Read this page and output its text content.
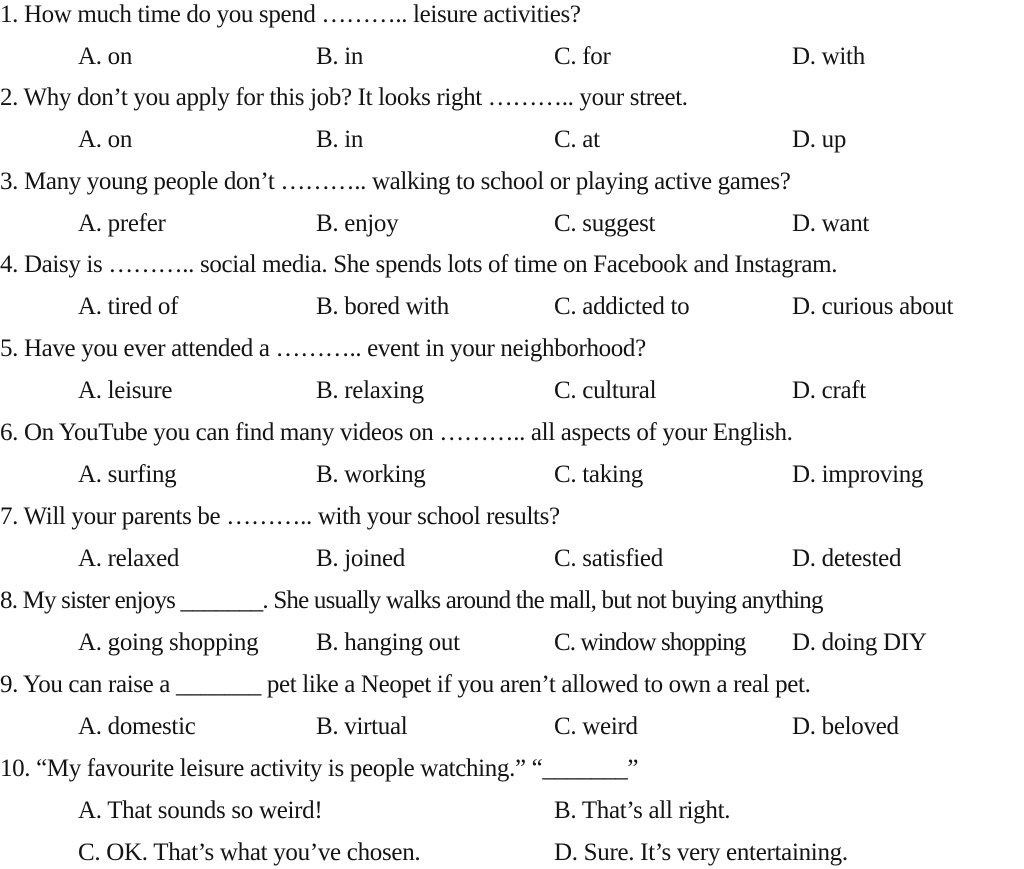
1. How much time do you spend ……….. leisure activities?
A. on	B. in	C. for	D. with
2. Why don’t you apply for this job? It looks right ……….. your street.
A. on	B. in	C. at	D. up
3. Many young people don’t ……….. walking to school or playing active games?
A. prefer	B. enjoy	C. suggest	D. want
4. Daisy is ……….. social media. She spends lots of time on Facebook and Instagram.
A. tired of	B. bored with	C. addicted to	D. curious about
5. Have you ever attended a ……….. event in your neighborhood?
A. leisure	B. relaxing	C. cultural	D. craft
6. On YouTube you can find many videos on ……….. all aspects of your English.
A. surfing	B. working	C. taking	D. improving
7. Will your parents be ……….. with your school results?
A. relaxed	B. joined	C. satisfied	D. detested
8. My sister enjoys _______. She usually walks around the mall, but not buying anything
A. going shopping B. hanging out	C. window shopping D. doing DIY
9. You can raise a _______ pet like a Neopet if you aren’t allowed to own a real pet.
A. domestic	B. virtual	C. weird	D. beloved
10. “My favourite leisure activity is people watching.” “_______”
A. That sounds so weird!	B. That’s all right.
C. OK. That’s what you’ve chosen.	D. Sure. It’s very entertaining.
